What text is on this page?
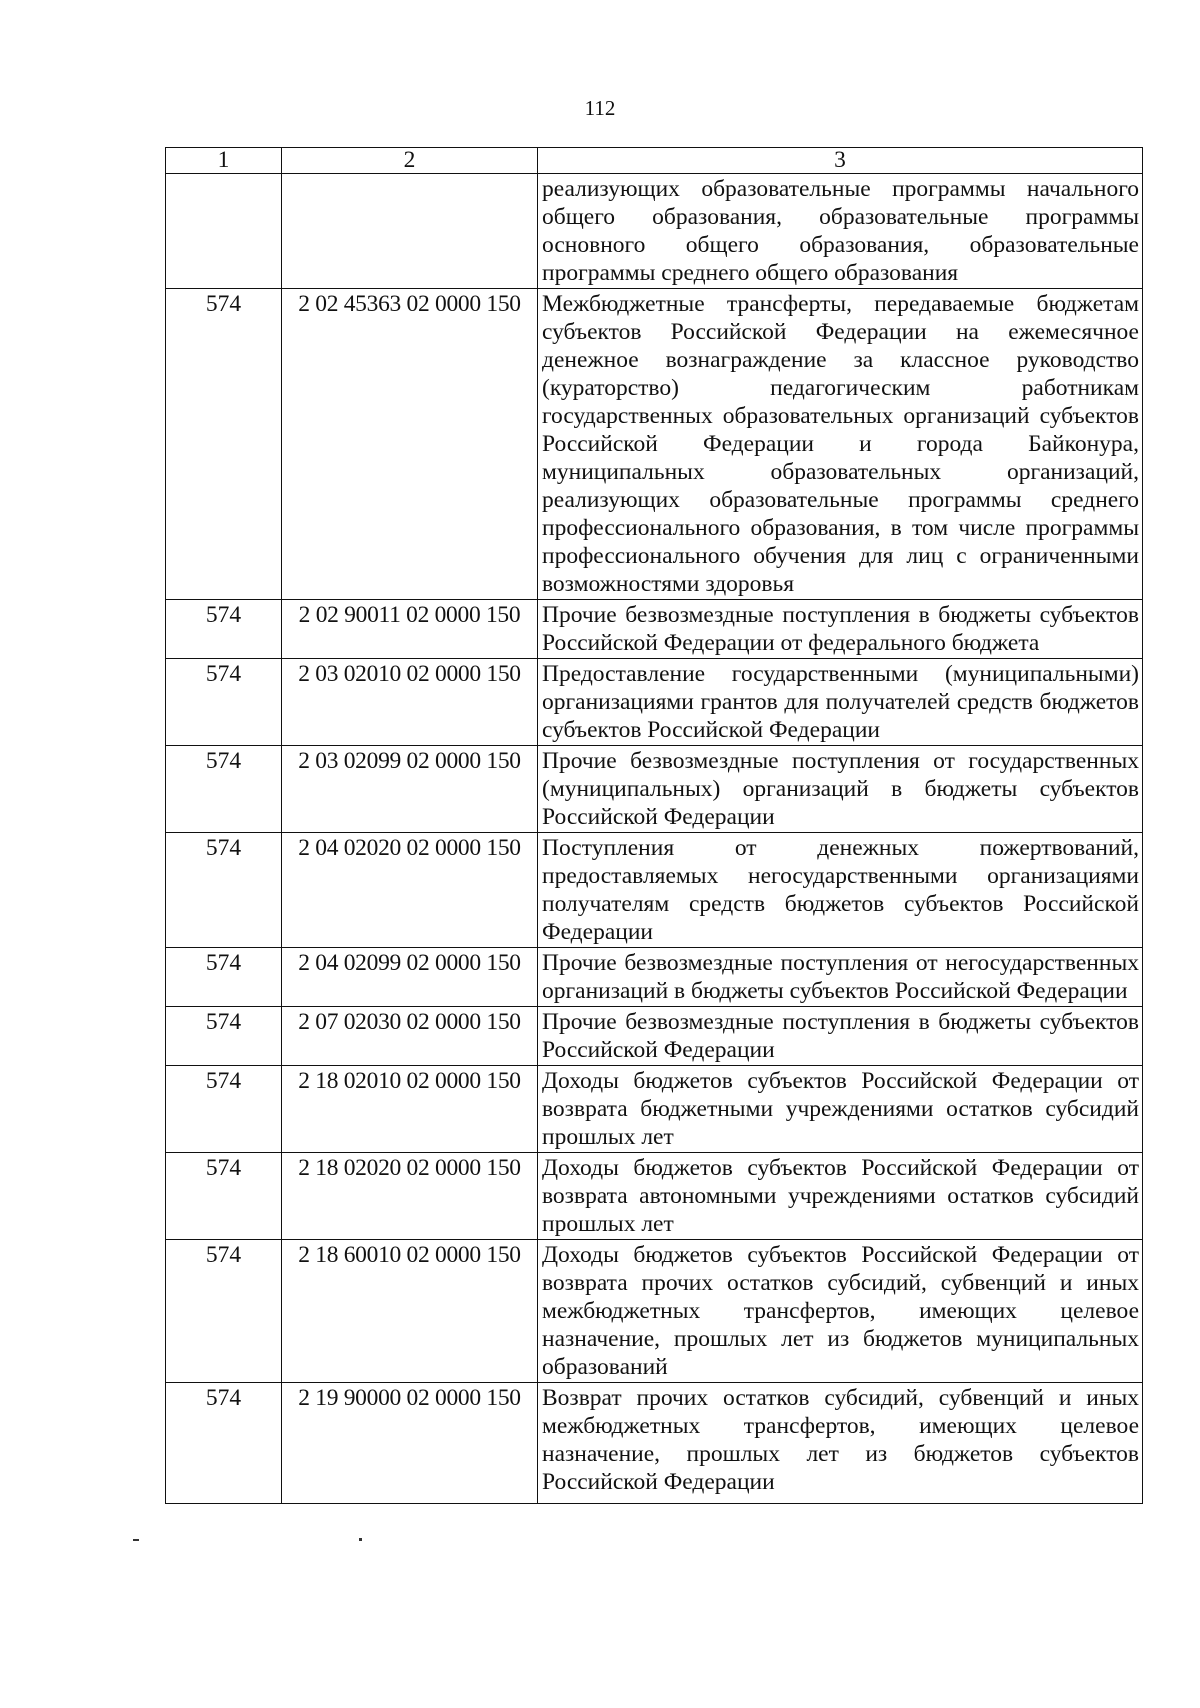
112
1	2	3
		реализующих образовательные программы начального общего образования, образовательные программы основного общего образования, образовательные программы среднего общего образования
574	2 02 45363 02 0000 150	Межбюджетные трансферты, передаваемые бюджетам субъектов Российской Федерации на ежемесячное денежное вознаграждение за классное руководство (кураторство) педагогическим работникам государственных образовательных организаций субъектов Российской Федерации и города Байконура, муниципальных образовательных организаций, реализующих образовательные программы среднего профессионального образования, в том числе программы профессионального обучения для лиц с ограниченными возможностями здоровья
574	2 02 90011 02 0000 150	Прочие безвозмездные поступления в бюджеты субъектов Российской Федерации от федерального бюджета
574	2 03 02010 02 0000 150	Предоставление государственными (муниципальными) организациями грантов для получателей средств бюджетов субъектов Российской Федерации
574	2 03 02099 02 0000 150	Прочие безвозмездные поступления от государственных (муниципальных) организаций в бюджеты субъектов Российской Федерации
574	2 04 02020 02 0000 150	Поступления от денежных пожертвований, предоставляемых негосударственными организациями получателям средств бюджетов субъектов Российской Федерации
574	2 04 02099 02 0000 150	Прочие безвозмездные поступления от негосударственных организаций в бюджеты субъектов Российской Федерации
574	2 07 02030 02 0000 150	Прочие безвозмездные поступления в бюджеты субъектов Российской Федерации
574	2 18 02010 02 0000 150	Доходы бюджетов субъектов Российской Федерации от возврата бюджетными учреждениями остатков субсидий прошлых лет
574	2 18 02020 02 0000 150	Доходы бюджетов субъектов Российской Федерации от возврата автономными учреждениями остатков субсидий прошлых лет
574	2 18 60010 02 0000 150	Доходы бюджетов субъектов Российской Федерации от возврата прочих остатков субсидий, субвенций и иных межбюджетных трансфертов, имеющих целевое назначение, прошлых лет из бюджетов муниципальных образований
574	2 19 90000 02 0000 150	Возврат прочих остатков субсидий, субвенций и иных межбюджетных трансфертов, имеющих целевое назначение, прошлых лет из бюджетов субъектов Российской Федерации
